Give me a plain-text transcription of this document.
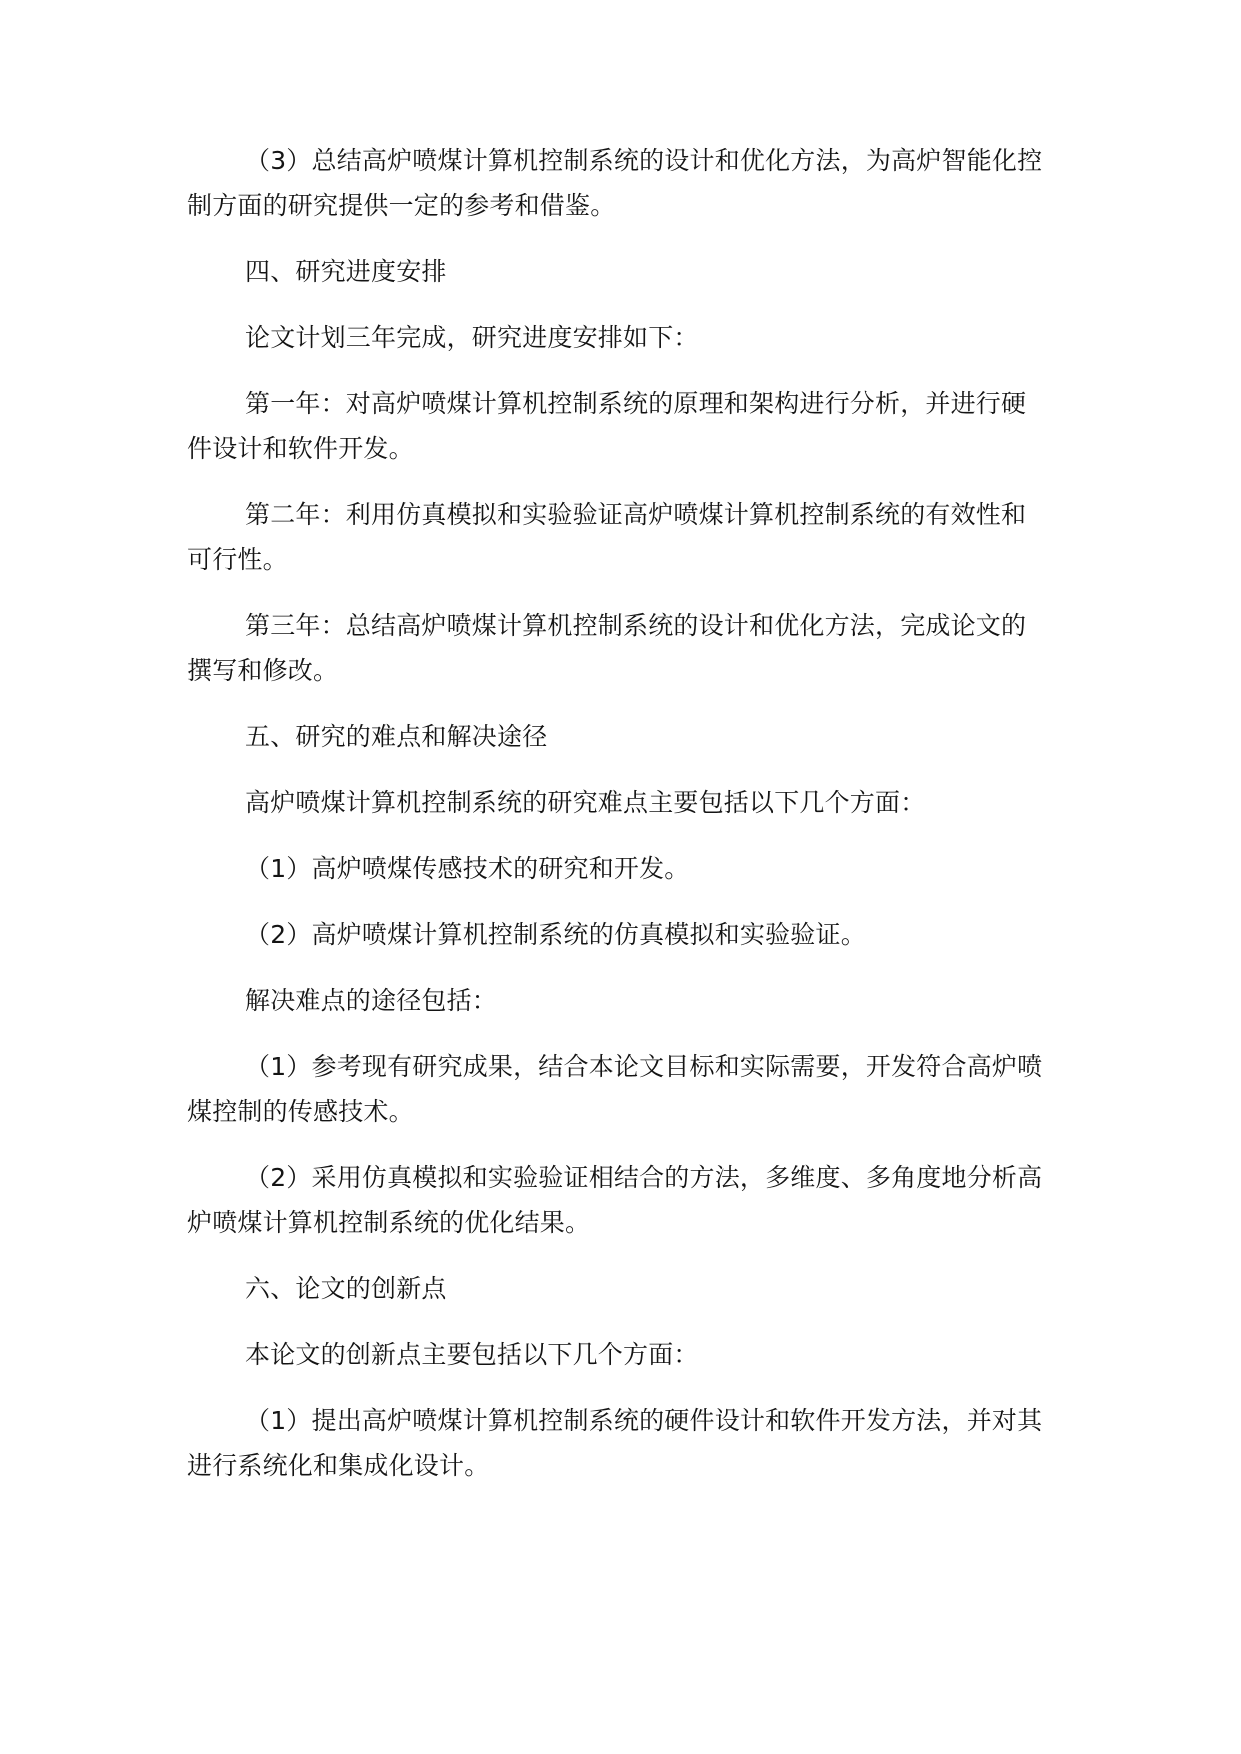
（3）总结高炉喷煤计算机控制系统的设计和优化方法，为高炉智能化控制方面的研究提供一定的参考和借鉴。

四、研究进度安排

论文计划三年完成，研究进度安排如下：

第一年：对高炉喷煤计算机控制系统的原理和架构进行分析，并进行硬件设计和软件开发。

第二年：利用仿真模拟和实验验证高炉喷煤计算机控制系统的有效性和可行性。

第三年：总结高炉喷煤计算机控制系统的设计和优化方法，完成论文的撰写和修改。

五、研究的难点和解决途径

高炉喷煤计算机控制系统的研究难点主要包括以下几个方面：

（1）高炉喷煤传感技术的研究和开发。

（2）高炉喷煤计算机控制系统的仿真模拟和实验验证。

解决难点的途径包括：

（1）参考现有研究成果，结合本论文目标和实际需要，开发符合高炉喷煤控制的传感技术。

（2）采用仿真模拟和实验验证相结合的方法，多维度、多角度地分析高炉喷煤计算机控制系统的优化结果。

六、论文的创新点

本论文的创新点主要包括以下几个方面：

（1）提出高炉喷煤计算机控制系统的硬件设计和软件开发方法，并对其进行系统化和集成化设计。
